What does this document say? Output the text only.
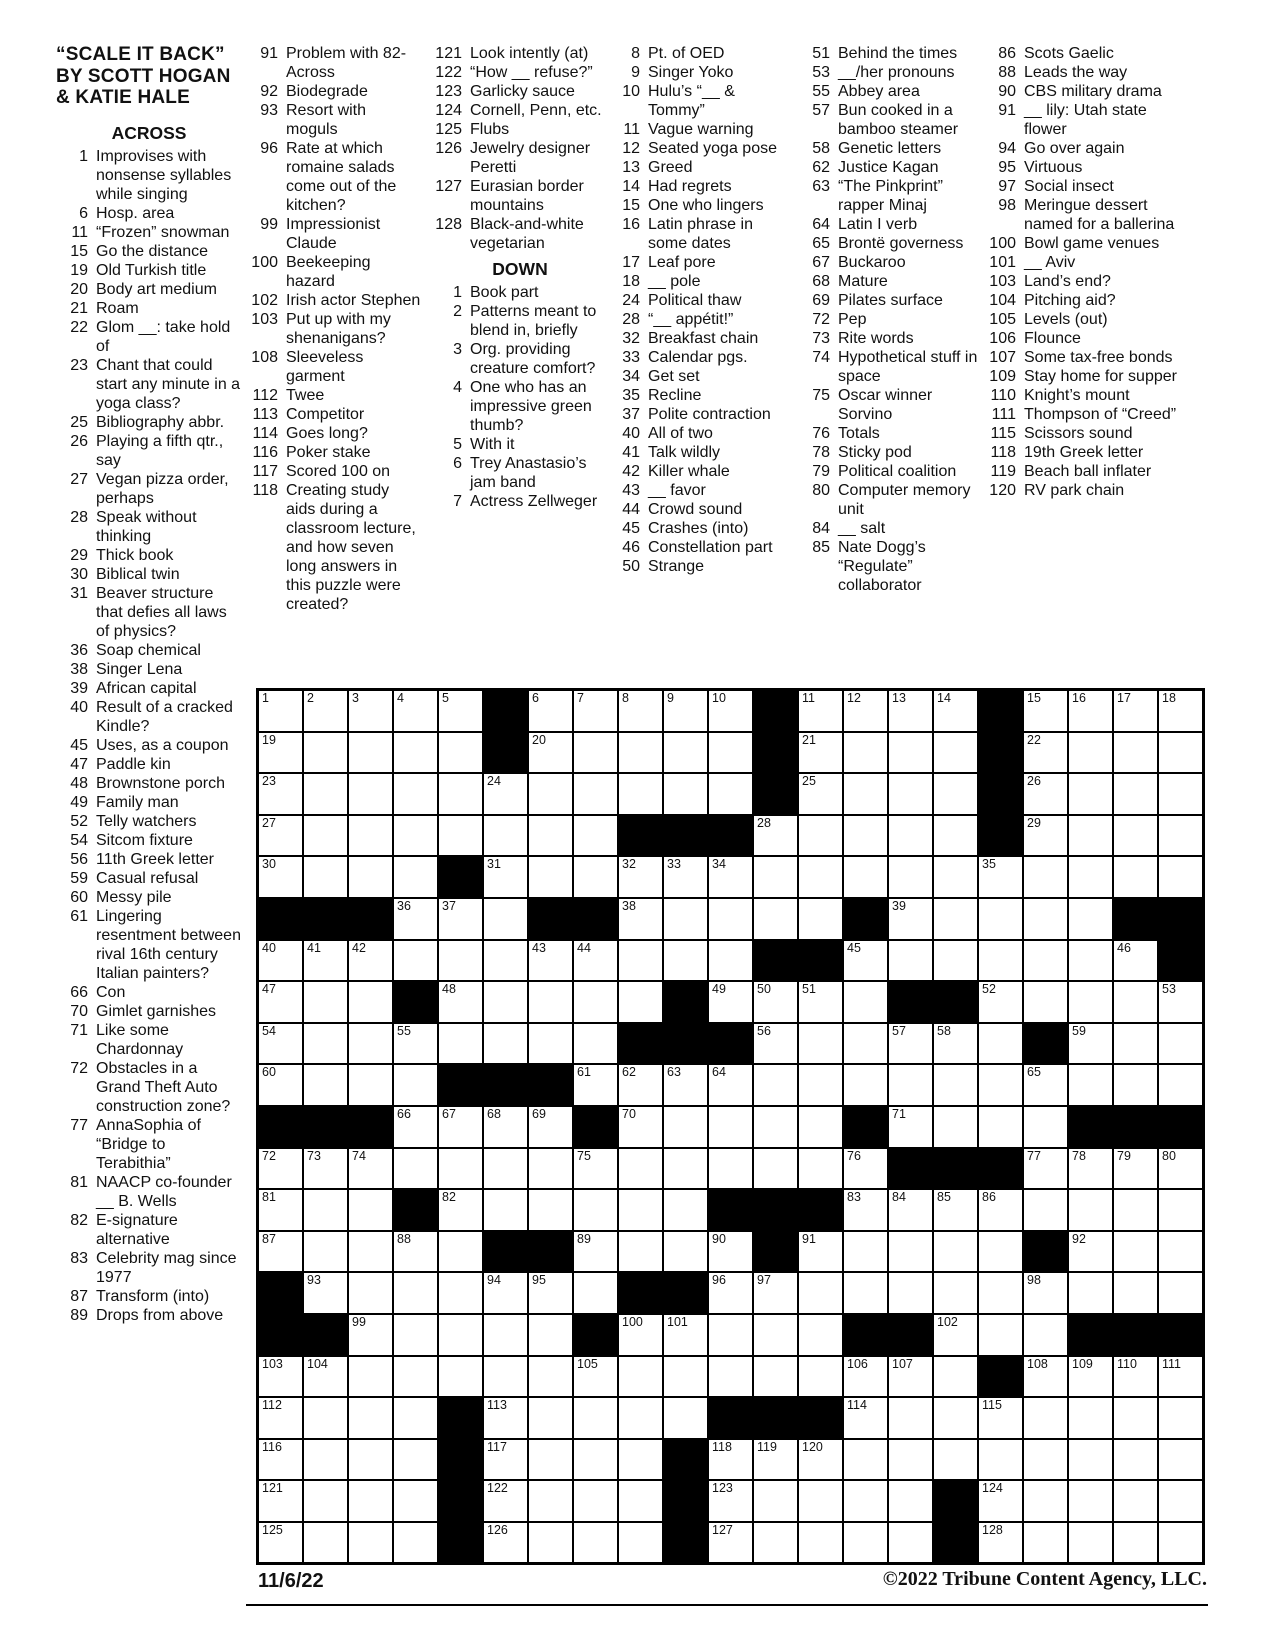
“SCALE IT BACK”
BY SCOTT HOGAN
& KATIE HALE
ACROSS
1 Improvises with nonsense syllables while singing
6 Hosp. area
11 “Frozen” snowman
15 Go the distance
19 Old Turkish title
20 Body art medium
21 Roam
22 Glom __: take hold of
23 Chant that could start any minute in a yoga class?
25 Bibliography abbr.
26 Playing a fifth qtr., say
27 Vegan pizza order, perhaps
28 Speak without thinking
29 Thick book
30 Biblical twin
31 Beaver structure that defies all laws of physics?
36 Soap chemical
38 Singer Lena
39 African capital
40 Result of a cracked Kindle?
45 Uses, as a coupon
47 Paddle kin
48 Brownstone porch
49 Family man
52 Telly watchers
54 Sitcom fixture
56 11th Greek letter
59 Casual refusal
60 Messy pile
61 Lingering resentment between rival 16th century Italian painters?
66 Con
70 Gimlet garnishes
71 Like some Chardonnay
72 Obstacles in a Grand Theft Auto construction zone?
77 AnnaSophia of “Bridge to Terabithia”
81 NAACP co-founder __ B. Wells
82 E-signature alternative
83 Celebrity mag since 1977
87 Transform (into)
89 Drops from above
91 Problem with 82-Across
92 Biodegrade
93 Resort with moguls
96 Rate at which romaine salads come out of the kitchen?
99 Impressionist Claude
100 Beekeeping hazard
102 Irish actor Stephen
103 Put up with my shenanigans?
108 Sleeveless garment
112 Twee
113 Competitor
114 Goes long?
116 Poker stake
117 Scored 100 on
118 Creating study aids during a classroom lecture, and how seven long answers in this puzzle were created?
121 Look intently (at)
122 “How __ refuse?”
123 Garlicky sauce
124 Cornell, Penn, etc.
125 Flubs
126 Jewelry designer Peretti
127 Eurasian border mountains
128 Black-and-white vegetarian
DOWN
1 Book part
2 Patterns meant to blend in, briefly
3 Org. providing creature comfort?
4 One who has an impressive green thumb?
5 With it
6 Trey Anastasio’s jam band
7 Actress Zellweger
8 Pt. of OED
9 Singer Yoko
10 Hulu’s “__ & Tommy”
11 Vague warning
12 Seated yoga pose
13 Greed
14 Had regrets
15 One who lingers
16 Latin phrase in some dates
17 Leaf pore
18 __ pole
24 Political thaw
28 “__ appétit!”
32 Breakfast chain
33 Calendar pgs.
34 Get set
35 Recline
37 Polite contraction
40 All of two
41 Talk wildly
42 Killer whale
43 __ favor
44 Crowd sound
45 Crashes (into)
46 Constellation part
50 Strange
51 Behind the times
53 __/her pronouns
55 Abbey area
57 Bun cooked in a bamboo steamer
58 Genetic letters
62 Justice Kagan
63 “The Pinkprint” rapper Minaj
64 Latin I verb
65 Brontë governess
67 Buckaroo
68 Mature
69 Pilates surface
72 Pep
73 Rite words
74 Hypothetical stuff in space
75 Oscar winner Sorvino
76 Totals
78 Sticky pod
79 Political coalition
80 Computer memory unit
84 __ salt
85 Nate Dogg’s “Regulate” collaborator
86 Scots Gaelic
88 Leads the way
90 CBS military drama
91 __ lily: Utah state flower
94 Go over again
95 Virtuous
97 Social insect
98 Meringue dessert named for a ballerina
100 Bowl game venues
101 __ Aviv
103 Land’s end?
104 Pitching aid?
105 Levels (out)
106 Flounce
107 Some tax-free bonds
109 Stay home for supper
110 Knight’s mount
111 Thompson of “Creed”
115 Scissors sound
118 19th Greek letter
119 Beach ball inflater
120 RV park chain
1	2	3	4	5	6	7	8	9	10	11	12 13 14	15 16 17 18
19	20	21	22
23	24	25	26
27	28	29
30	31	32 33 34	35
36 37	38	39
40 41 42	43 44	45	46
47	48	49 50 51	52	53
54	55	56	57 58	59
60	61 62 63 64	65
66 67 68 69	70	71
72 73 74	75	76	77 78 79 80
81	82	83 84 85 86
87	88	89	90	91	92
93	94 95	96 97	98
99	100 101	102
103 104	105	106 107	108 109 110 111
112	113	114	115
116	117	118 119 120
121	122	123	124
125	126	127	128
11/6/22	©2022 Tribune Content Agency, LLC.
